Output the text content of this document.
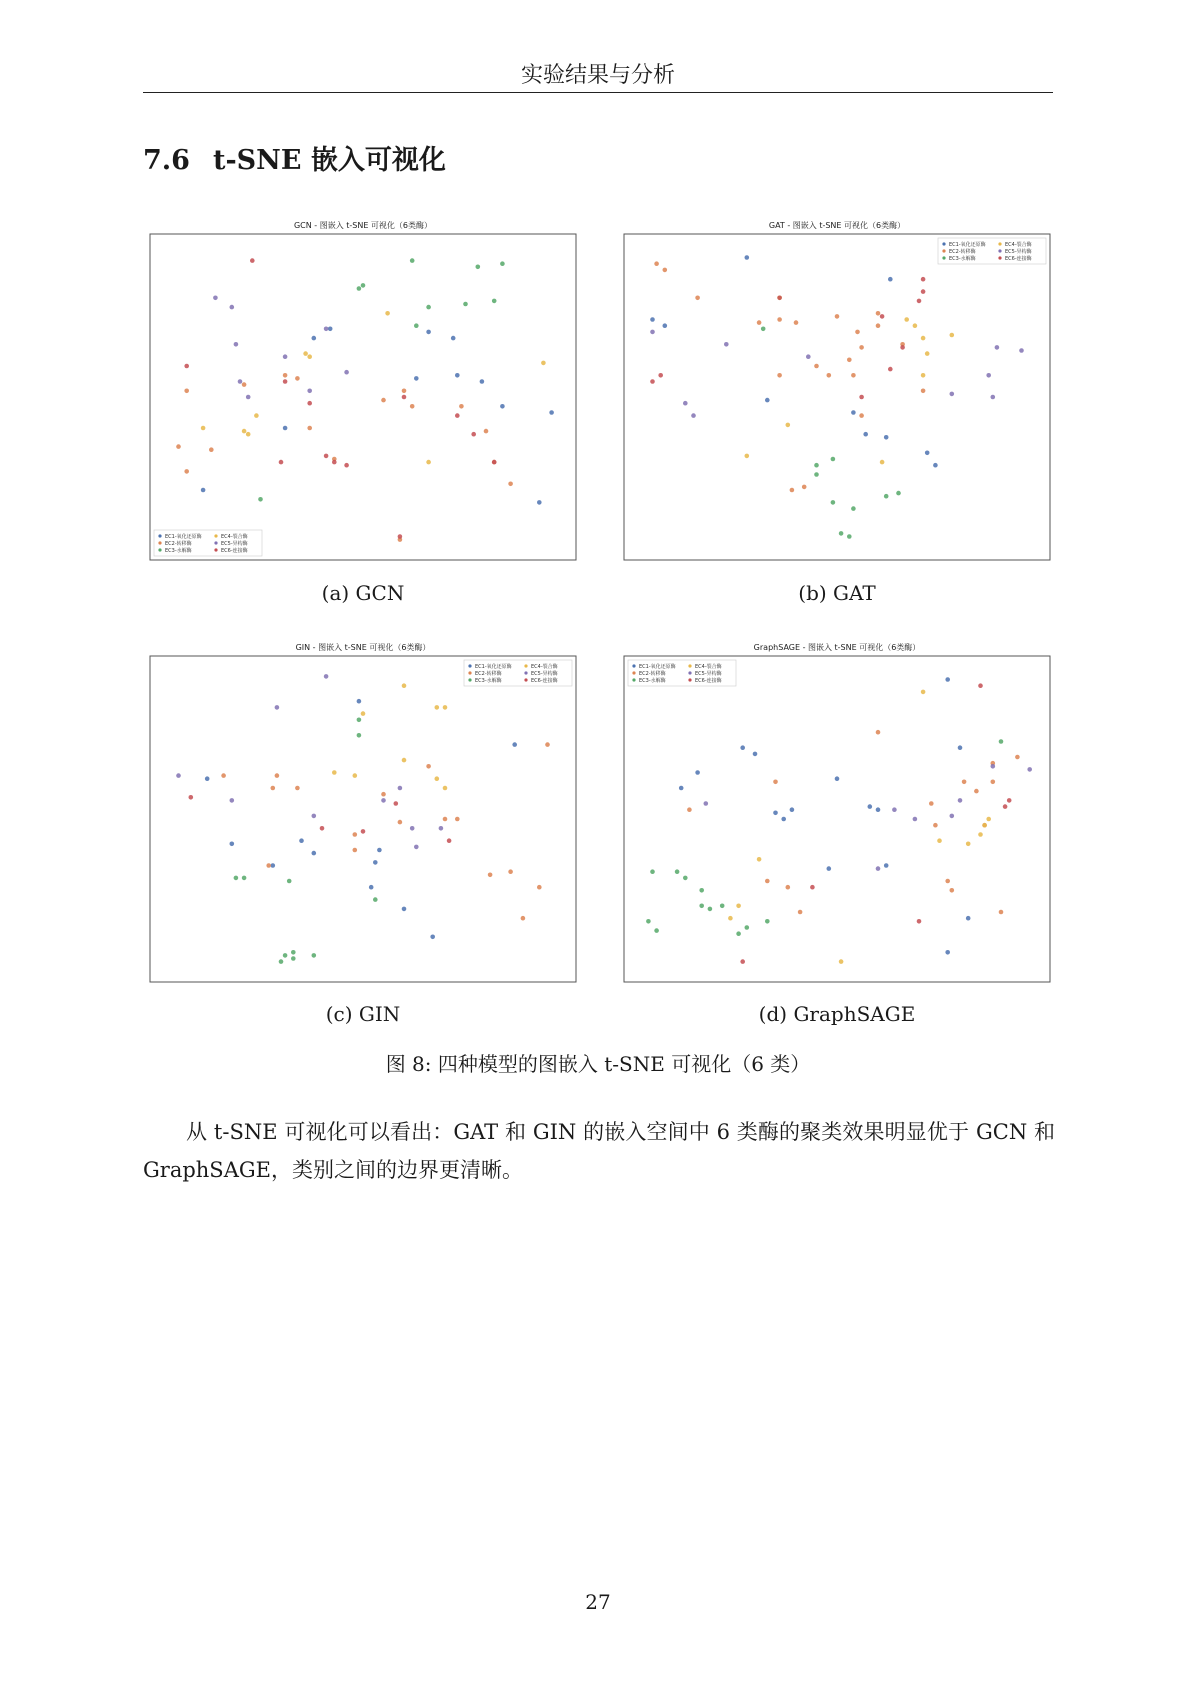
实验结果与分析
7.6 t-SNE 嵌入可视化
GCN - 图嵌入 t-SNE 可视化（6类酶）
EC1-氧化还原酶
EC2-转移酶
EC3-水解酶
EC4-裂合酶
EC5-异构酶
EC6-连接酶
(a) GCN
GAT - 图嵌入 t-SNE 可视化（6类酶）
EC1-氧化还原酶
EC2-转移酶
EC3-水解酶
EC4-裂合酶
EC5-异构酶
EC6-连接酶
(b) GAT
GIN - 图嵌入 t-SNE 可视化（6类酶）
EC1-氧化还原酶
EC2-转移酶
EC3-水解酶
EC4-裂合酶
EC5-异构酶
EC6-连接酶
(c) GIN
GraphSAGE - 图嵌入 t-SNE 可视化（6类酶）
EC1-氧化还原酶
EC2-转移酶
EC3-水解酶
EC4-裂合酶
EC5-异构酶
EC6-连接酶
(d) GraphSAGE
图 8: 四种模型的图嵌入 t-SNE 可视化（6 类）
从 t-SNE 可视化可以看出：GAT 和 GIN 的嵌入空间中 6 类酶的聚类效果明显优于 GCN 和 GraphSAGE，类别之间的边界更清晰。
27
